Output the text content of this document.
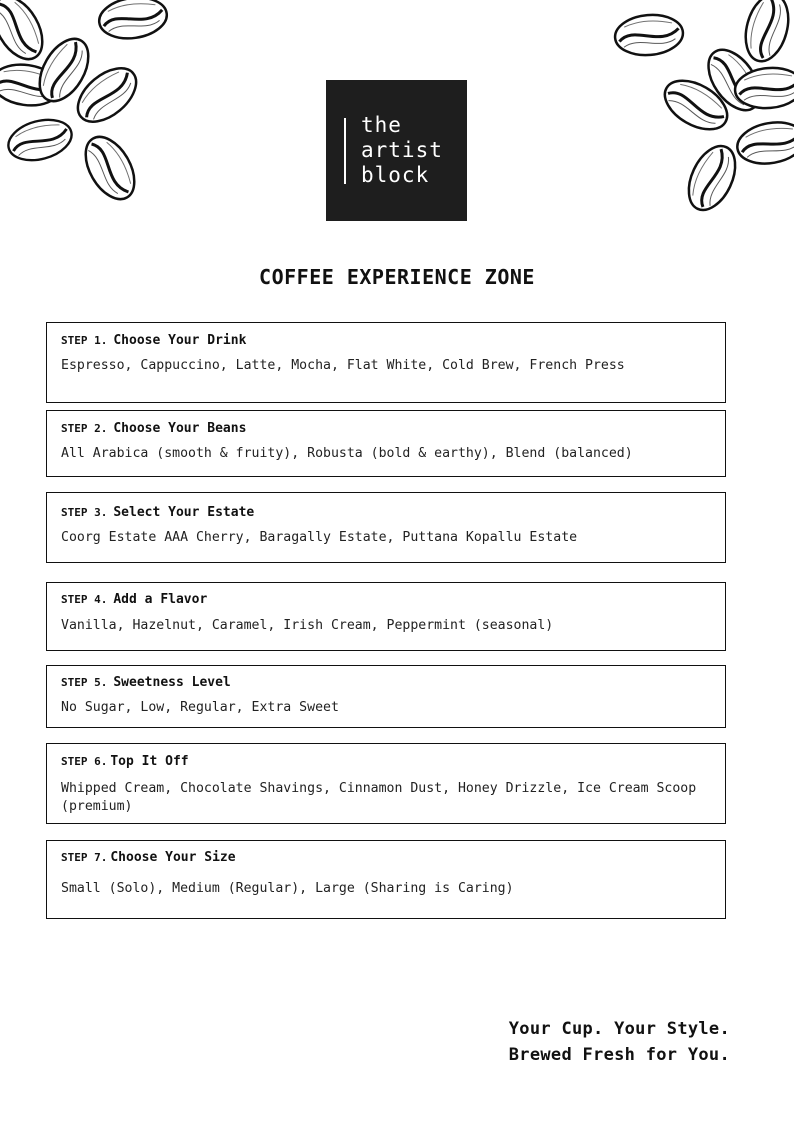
the
artist
block
COFFEE EXPERIENCE ZONE
STEP 1. Choose Your Drink
Espresso, Cappuccino, Latte, Mocha, Flat White, Cold Brew, French Press
STEP 2. Choose Your Beans
All Arabica (smooth & fruity), Robusta (bold & earthy), Blend (balanced)
STEP 3. Select Your Estate
Coorg Estate AAA Cherry, Baragally Estate, Puttana Kopallu Estate
STEP 4. Add a Flavor
Vanilla, Hazelnut, Caramel, Irish Cream, Peppermint (seasonal)
STEP 5. Sweetness Level
No Sugar, Low, Regular, Extra Sweet
STEP 6. Top It Off
Whipped Cream, Chocolate Shavings, Cinnamon Dust, Honey Drizzle, Ice Cream Scoop (premium)
STEP 7. Choose Your Size
Small (Solo), Medium (Regular), Large (Sharing is Caring)
Your Cup. Your Style.
Brewed Fresh for You.
